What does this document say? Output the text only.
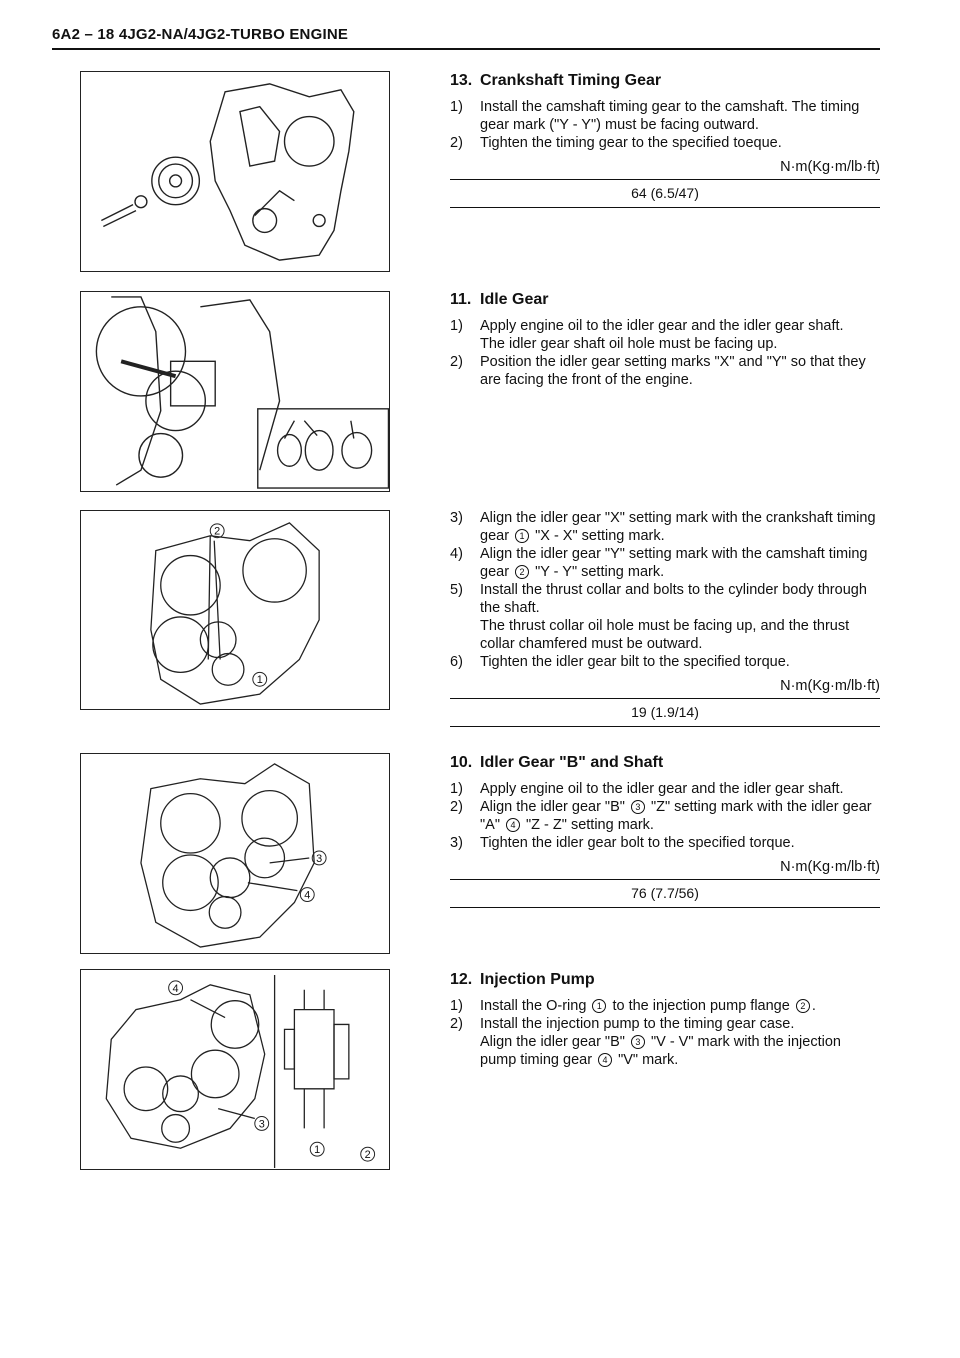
6A2 – 18 4JG2-NA/4JG2-TURBO ENGINE
2
1
3
4
4
3
1	2
13. Crankshaft Timing Gear
1)	Install the camshaft timing gear to the camshaft. The timing gear mark ("Y - Y") must be facing outward.
2)	Tighten the timing gear to the specified toeque.
N·m(Kg·m/lb·ft)
64 (6.5/47)
11. Idle Gear
1)	Apply engine oil to the idler gear and the idler gear shaft.
The idler gear shaft oil hole must be facing up.
2)	Position the idler gear setting marks "X" and "Y" so that they are facing the front of the engine.
3)	Align the idler gear "X" setting mark with the crankshaft timing gear 1 "X - X" setting mark.
4)	Align the idler gear "Y" setting mark with the camshaft timing gear 2 "Y - Y" setting mark.
5)	Install the thrust collar and bolts to the cylinder body through the shaft.
The thrust collar oil hole must be facing up, and the thrust collar chamfered must be outward.
6)	Tighten the idler gear bilt to the specified torque.
N·m(Kg·m/lb·ft)
19 (1.9/14)
10. Idler Gear "B" and Shaft
1)	Apply engine oil to the idler gear and the idler gear shaft.
2)	Align the idler gear "B" 3 "Z" setting mark with the idler gear "A" 4 "Z - Z" setting mark.
3)	Tighten the idler gear bolt to the specified torque.
N·m(Kg·m/lb·ft)
76 (7.7/56)
12. Injection Pump
1)	Install the O-ring 1 to the injection pump flange 2 .
2)	Install the injection pump to the timing gear case.
Align the idler gear "B" 3 "V - V" mark with the injection pump timing gear 4 "V" mark.
